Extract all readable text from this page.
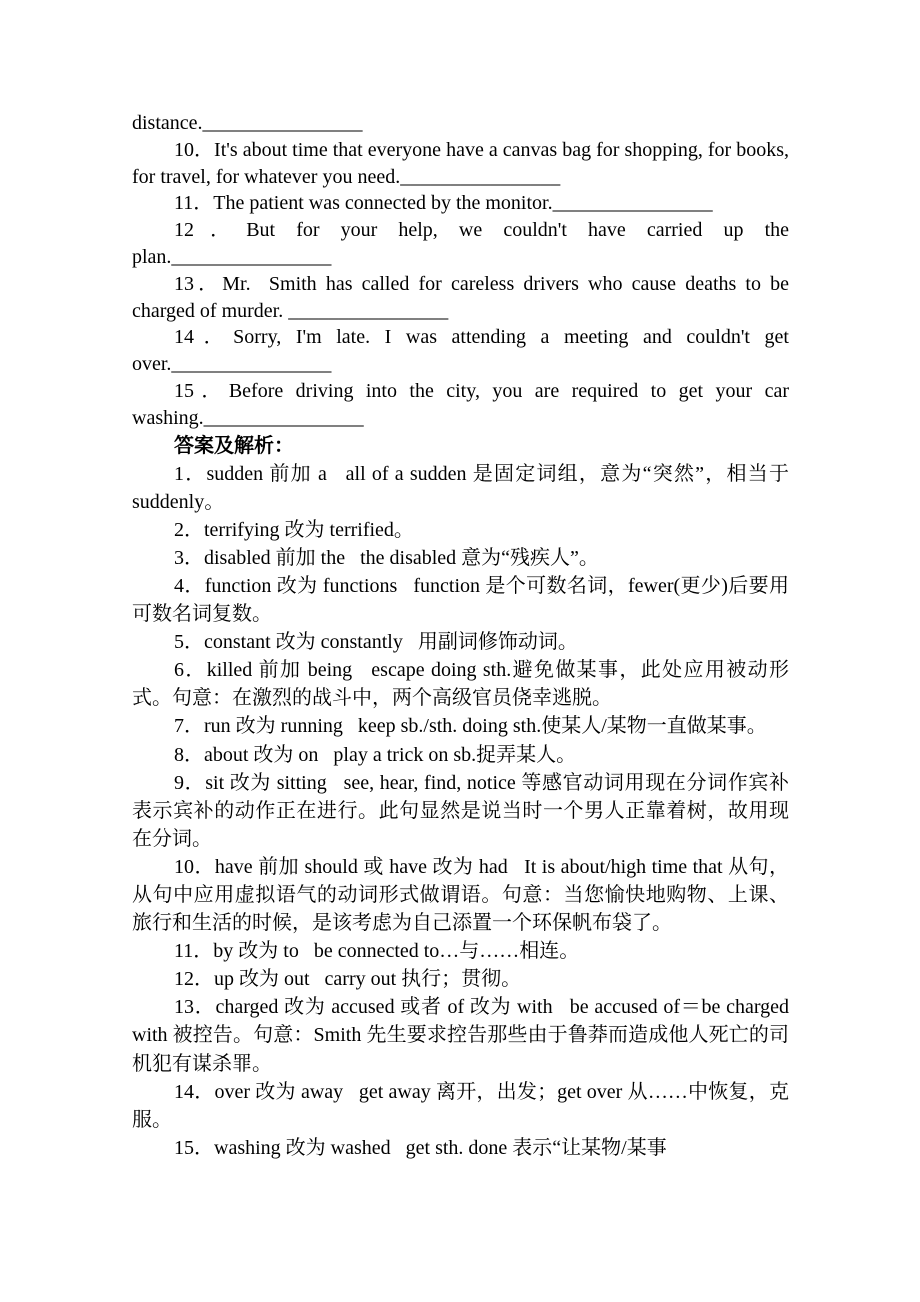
distance.________________

10．It's about time that everyone have a canvas bag for shopping, for books, for travel, for whatever you need.________________

11．The patient was connected by the monitor.________________

12．But for your help, we couldn't have carried up the plan.________________

13．Mr.  Smith has called for careless drivers who cause deaths to be charged of murder. ________________

14．Sorry, I'm late. I was attending a meeting and couldn't get over.________________

15．Before driving into the city, you are required to get your car washing.________________

答案及解析：

1．sudden 前加 a   all of a sudden 是固定词组，意为“突然”，相当于 suddenly。

2．terrifying 改为 terrified。

3．disabled 前加 the   the disabled 意为“残疾人”。

4．function 改为 functions   function 是个可数名词，fewer(更少)后要用可数名词复数。

5．constant 改为 constantly   用副词修饰动词。

6．killed 前加 being   escape doing sth.避免做某事，此处应用被动形式。句意：在激烈的战斗中，两个高级官员侥幸逃脱。

7．run 改为 running   keep sb./sth. doing sth.使某人/某物一直做某事。

8．about 改为 on   play a trick on sb.捉弄某人。

9．sit 改为 sitting   see, hear, find, notice 等感官动词用现在分词作宾补表示宾补的动作正在进行。此句显然是说当时一个男人正靠着树，故用现在分词。

10．have 前加 should 或 have 改为 had   It is about/high time that 从句，从句中应用虚拟语气的动词形式做谓语。句意：当您愉快地购物、上课、旅行和生活的时候，是该考虑为自己添置一个环保帆布袋了。

11．by 改为 to   be connected to…与……相连。

12．up 改为 out   carry out 执行；贯彻。

13．charged 改为 accused 或者 of 改为 with   be accused of＝be charged with 被控告。句意：Smith 先生要求控告那些由于鲁莽而造成他人死亡的司机犯有谋杀罪。

14．over 改为 away   get away 离开，出发；get over 从……中恢复，克服。

15．washing 改为 washed   get sth. done 表示“让某物/某事
